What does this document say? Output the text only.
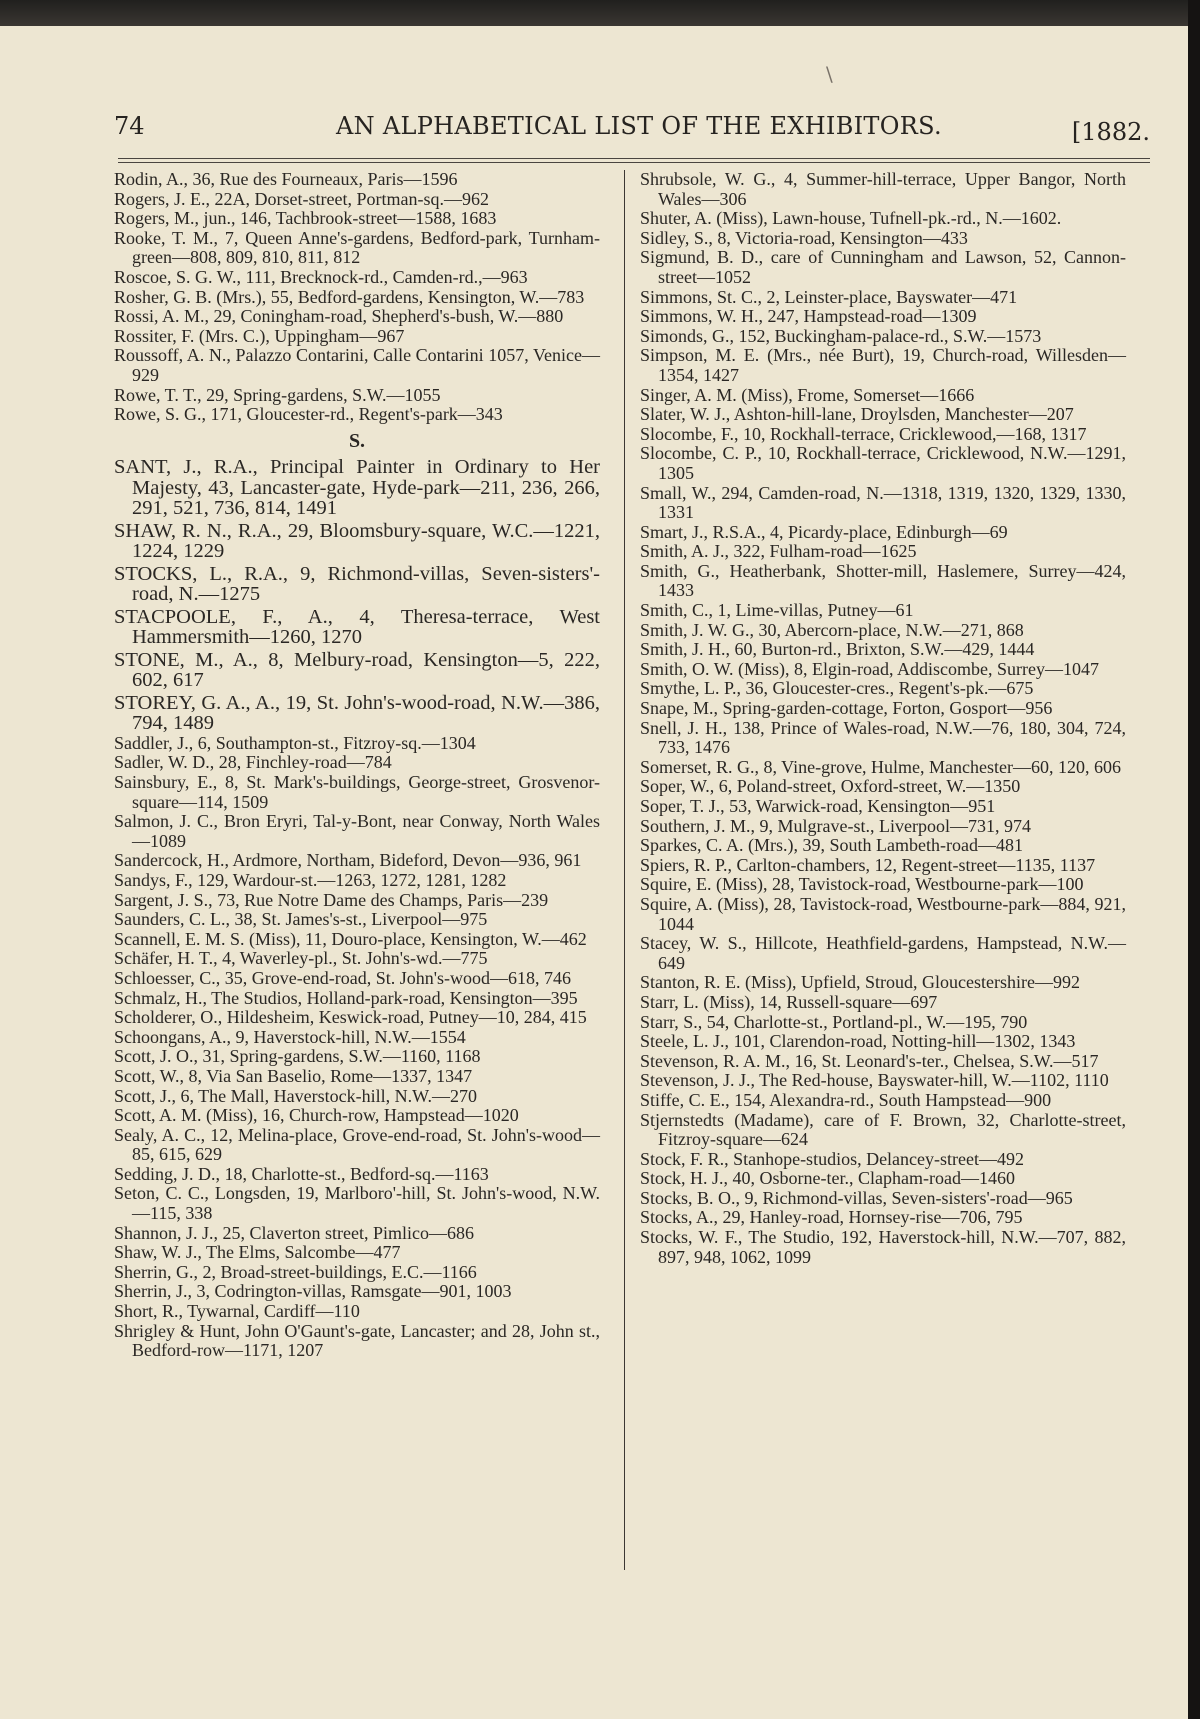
\
74	AN ALPHABETICAL LIST OF THE EXHIBITORS.	[1882.

Rodin, A., 36, Rue des Fourneaux, Paris—1596

Rogers, J. E., 22A, Dorset-street, Portman-sq.—962

Rogers, M., jun., 146, Tachbrook-street—1588, 1683

Rooke, T. M., 7, Queen Anne's-gardens, Bedford-park, Turnham-green—808, 809, 810, 811, 812

Roscoe, S. G. W., 111, Brecknock-rd., Camden-rd.,—963

Rosher, G. B. (Mrs.), 55, Bedford-gardens, Kensington, W.—783

Rossi, A. M., 29, Coningham-road, Shepherd's-bush, W.—880

Rossiter, F. (Mrs. C.), Uppingham—967

Roussoff, A. N., Palazzo Contarini, Calle Contarini 1057, Venice—929

Rowe, T. T., 29, Spring-gardens, S.W.—1055

Rowe, S. G., 171, Gloucester-rd., Regent's-park—343

S.

SANT, J., R.A., Principal Painter in Ordinary to Her Majesty, 43, Lancaster-gate, Hyde-park—211, 236, 266, 291, 521, 736, 814, 1491

SHAW, R. N., R.A., 29, Bloomsbury-square, W.C.—1221, 1224, 1229

STOCKS, L., R.A., 9, Richmond-villas, Seven-sisters'-road, N.—1275

STACPOOLE, F., A., 4, Theresa-terrace, West Hammersmith—1260, 1270

STONE, M., A., 8, Melbury-road, Kensington—5, 222, 602, 617

STOREY, G. A., A., 19, St. John's-wood-road, N.W.—386, 794, 1489

Saddler, J., 6, Southampton-st., Fitzroy-sq.—1304

Sadler, W. D., 28, Finchley-road—784

Sainsbury, E., 8, St. Mark's-buildings, George-street, Grosvenor-square—114, 1509

Salmon, J. C., Bron Eryri, Tal-y-Bont, near Conway, North Wales—1089

Sandercock, H., Ardmore, Northam, Bideford, Devon—936, 961

Sandys, F., 129, Wardour-st.—1263, 1272, 1281, 1282

Sargent, J. S., 73, Rue Notre Dame des Champs, Paris—239

Saunders, C. L., 38, St. James's-st., Liverpool—975

Scannell, E. M. S. (Miss), 11, Douro-place, Kensington, W.—462

Schäfer, H. T., 4, Waverley-pl., St. John's-wd.—775

Schloesser, C., 35, Grove-end-road, St. John's-wood—618, 746

Schmalz, H., The Studios, Holland-park-road, Kensington—395

Scholderer, O., Hildesheim, Keswick-road, Putney—10, 284, 415

Schoongans, A., 9, Haverstock-hill, N.W.—1554

Scott, J. O., 31, Spring-gardens, S.W.—1160, 1168

Scott, W., 8, Via San Baselio, Rome—1337, 1347

Scott, J., 6, The Mall, Haverstock-hill, N.W.—270

Scott, A. M. (Miss), 16, Church-row, Hampstead—1020

Sealy, A. C., 12, Melina-place, Grove-end-road, St. John's-wood—85, 615, 629

Sedding, J. D., 18, Charlotte-st., Bedford-sq.—1163

Seton, C. C., Longsden, 19, Marlboro'-hill, St. John's-wood, N.W.—115, 338

Shannon, J. J., 25, Claverton street, Pimlico—686

Shaw, W. J., The Elms, Salcombe—477

Sherrin, G., 2, Broad-street-buildings, E.C.—1166

Sherrin, J., 3, Codrington-villas, Ramsgate—901, 1003

Short, R., Tywarnal, Cardiff—110

Shrigley & Hunt, John O'Gaunt's-gate, Lancaster; and 28, John st., Bedford-row—1171, 1207

Shrubsole, W. G., 4, Summer-hill-terrace, Upper Bangor, North Wales—306

Shuter, A. (Miss), Lawn-house, Tufnell-pk.-rd., N.—1602.

Sidley, S., 8, Victoria-road, Kensington—433

Sigmund, B. D., care of Cunningham and Lawson, 52, Cannon-street—1052

Simmons, St. C., 2, Leinster-place, Bayswater—471

Simmons, W. H., 247, Hampstead-road—1309

Simonds, G., 152, Buckingham-palace-rd., S.W.—1573

Simpson, M. E. (Mrs., née Burt), 19, Church-road, Willesden—1354, 1427

Singer, A. M. (Miss), Frome, Somerset—1666

Slater, W. J., Ashton-hill-lane, Droylsden, Manchester—207

Slocombe, F., 10, Rockhall-terrace, Cricklewood,—168, 1317

Slocombe, C. P., 10, Rockhall-terrace, Cricklewood, N.W.—1291, 1305

Small, W., 294, Camden-road, N.—1318, 1319, 1320, 1329, 1330, 1331

Smart, J., R.S.A., 4, Picardy-place, Edinburgh—69

Smith, A. J., 322, Fulham-road—1625

Smith, G., Heatherbank, Shotter-mill, Haslemere, Surrey—424, 1433

Smith, C., 1, Lime-villas, Putney—61

Smith, J. W. G., 30, Abercorn-place, N.W.—271, 868

Smith, J. H., 60, Burton-rd., Brixton, S.W.—429, 1444

Smith, O. W. (Miss), 8, Elgin-road, Addiscombe, Surrey—1047

Smythe, L. P., 36, Gloucester-cres., Regent's-pk.—675

Snape, M., Spring-garden-cottage, Forton, Gosport—956

Snell, J. H., 138, Prince of Wales-road, N.W.—76, 180, 304, 724, 733, 1476

Somerset, R. G., 8, Vine-grove, Hulme, Manchester—60, 120, 606

Soper, W., 6, Poland-street, Oxford-street, W.—1350

Soper, T. J., 53, Warwick-road, Kensington—951

Southern, J. M., 9, Mulgrave-st., Liverpool—731, 974

Sparkes, C. A. (Mrs.), 39, South Lambeth-road—481

Spiers, R. P., Carlton-chambers, 12, Regent-street—1135, 1137

Squire, E. (Miss), 28, Tavistock-road, Westbourne-park—100

Squire, A. (Miss), 28, Tavistock-road, Westbourne-park—884, 921, 1044

Stacey, W. S., Hillcote, Heathfield-gardens, Hampstead, N.W.—649

Stanton, R. E. (Miss), Upfield, Stroud, Gloucestershire—992

Starr, L. (Miss), 14, Russell-square—697

Starr, S., 54, Charlotte-st., Portland-pl., W.—195, 790

Steele, L. J., 101, Clarendon-road, Notting-hill—1302, 1343

Stevenson, R. A. M., 16, St. Leonard's-ter., Chelsea, S.W.—517

Stevenson, J. J., The Red-house, Bayswater-hill, W.—1102, 1110

Stiffe, C. E., 154, Alexandra-rd., South Hampstead—900

Stjernstedts (Madame), care of F. Brown, 32, Charlotte-street, Fitzroy-square—624

Stock, F. R., Stanhope-studios, Delancey-street—492

Stock, H. J., 40, Osborne-ter., Clapham-road—1460

Stocks, B. O., 9, Richmond-villas, Seven-sisters'-road—965

Stocks, A., 29, Hanley-road, Hornsey-rise—706, 795

Stocks, W. F., The Studio, 192, Haverstock-hill, N.W.—707, 882, 897, 948, 1062, 1099
